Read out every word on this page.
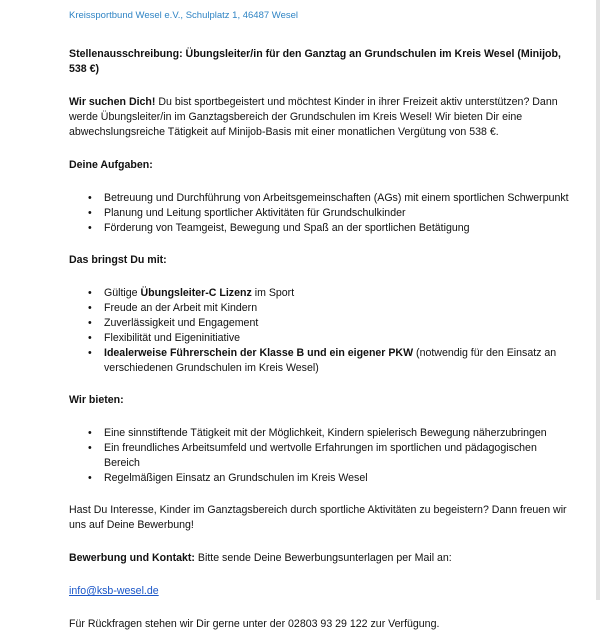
Kreissportbund Wesel e.V., Schulplatz 1, 46487 Wesel

Stellenausschreibung: Übungsleiter/in für den Ganztag an Grundschulen im Kreis Wesel (Minijob, 538 €)

Wir suchen Dich! Du bist sportbegeistert und möchtest Kinder in ihrer Freizeit aktiv unterstützen? Dann werde Übungsleiter/in im Ganztagsbereich der Grundschulen im Kreis Wesel! Wir bieten Dir eine abwechslungsreiche Tätigkeit auf Minijob-Basis mit einer monatlichen Vergütung von 538 €.

Deine Aufgaben:

• Betreuung und Durchführung von Arbeitsgemeinschaften (AGs) mit einem sportlichen Schwerpunkt
• Planung und Leitung sportlicher Aktivitäten für Grundschulkinder
• Förderung von Teamgeist, Bewegung und Spaß an der sportlichen Betätigung

Das bringst Du mit:

• Gültige Übungsleiter-C Lizenz im Sport
• Freude an der Arbeit mit Kindern
• Zuverlässigkeit und Engagement
• Flexibilität und Eigeninitiative
• Idealerweise Führerschein der Klasse B und ein eigener PKW (notwendig für den Einsatz an verschiedenen Grundschulen im Kreis Wesel)

Wir bieten:

• Eine sinnstiftende Tätigkeit mit der Möglichkeit, Kindern spielerisch Bewegung näherzubringen
• Ein freundliches Arbeitsumfeld und wertvolle Erfahrungen im sportlichen und pädagogischen Bereich
• Regelmäßigen Einsatz an Grundschulen im Kreis Wesel

Hast Du Interesse, Kinder im Ganztagsbereich durch sportliche Aktivitäten zu begeistern? Dann freuen wir uns auf Deine Bewerbung!

Bewerbung und Kontakt: Bitte sende Deine Bewerbungsunterlagen per Mail an:

info@ksb-wesel.de

Für Rückfragen stehen wir Dir gerne unter der 02803 93 29 122 zur Verfügung.
